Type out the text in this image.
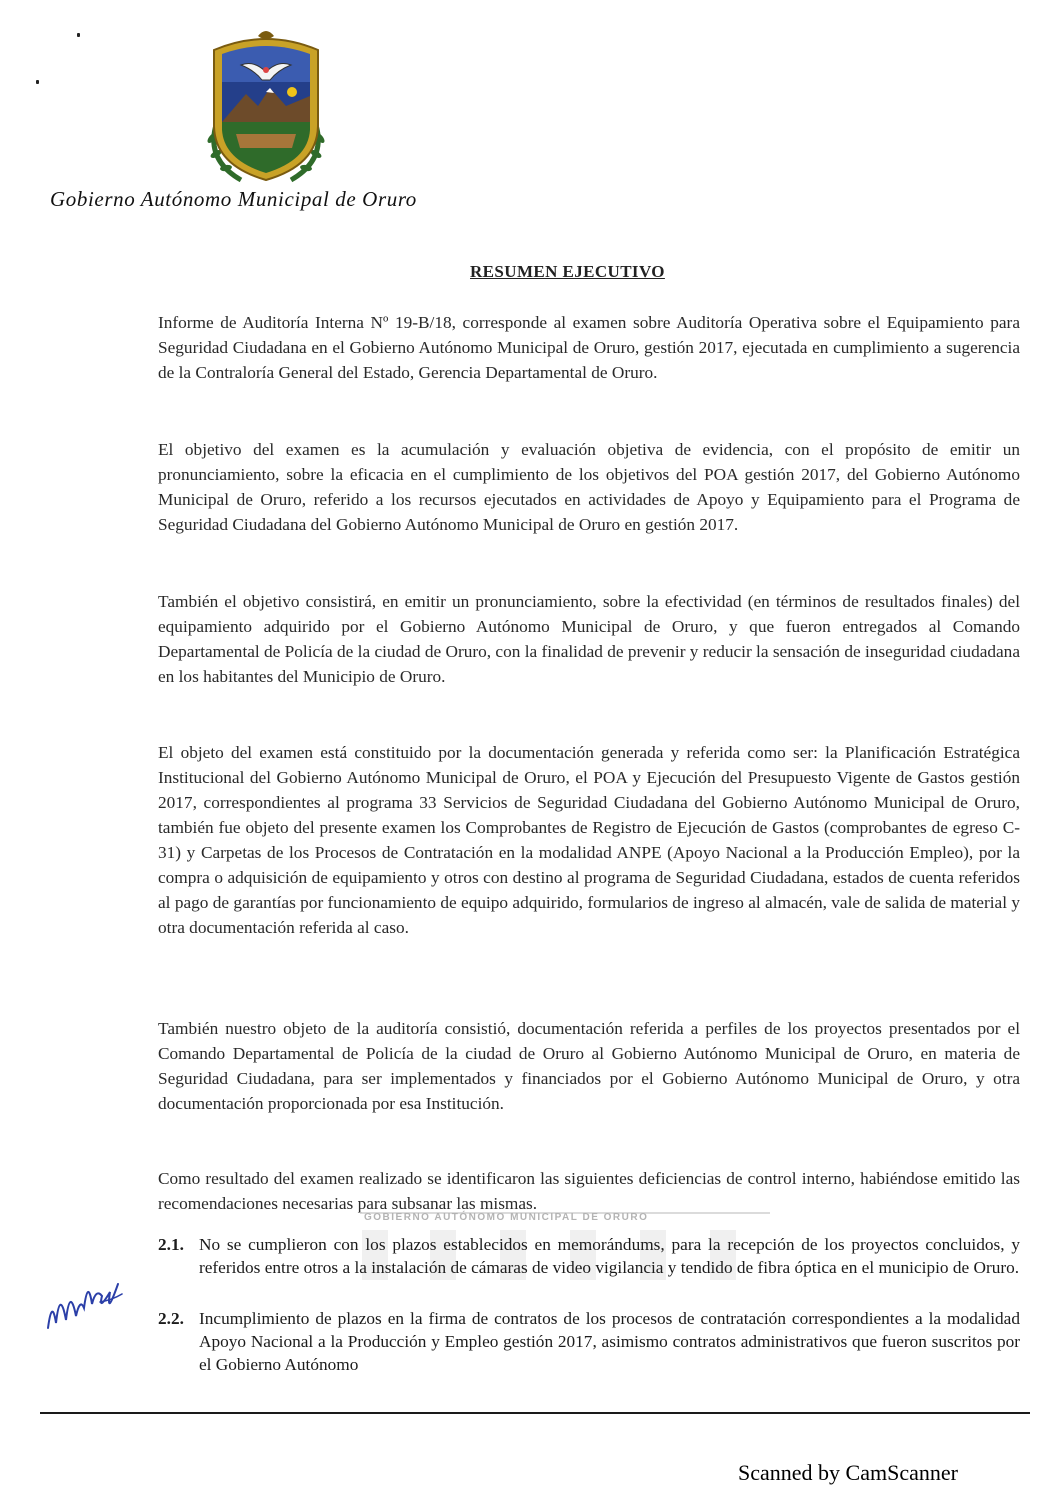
Gobierno Autónomo Municipal de Oruro
RESUMEN EJECUTIVO

Informe de Auditoría Interna Nº 19-B/18, corresponde al examen sobre Auditoría Operativa sobre el Equipamiento para Seguridad Ciudadana en el Gobierno Autónomo Municipal de Oruro, gestión 2017, ejecutada en cumplimiento a sugerencia de la Contraloría General del Estado, Gerencia Departamental de Oruro.

El objetivo del examen es la acumulación y evaluación objetiva de evidencia, con el propósito de emitir un pronunciamiento, sobre la eficacia en el cumplimiento de los objetivos del POA gestión 2017, del Gobierno Autónomo Municipal de Oruro, referido a los recursos ejecutados en actividades de Apoyo y Equipamiento para el Programa de Seguridad Ciudadana del Gobierno Autónomo Municipal de Oruro en gestión 2017.

También el objetivo consistirá, en emitir un pronunciamiento, sobre la efectividad (en términos de resultados finales) del equipamiento adquirido por el Gobierno Autónomo Municipal de Oruro, y que fueron entregados al Comando Departamental de Policía de la ciudad de Oruro, con la finalidad de prevenir y reducir la sensación de inseguridad ciudadana en los habitantes del Municipio de Oruro.

El objeto del examen está constituido por la documentación generada y referida como ser: la Planificación Estratégica Institucional del Gobierno Autónomo Municipal de Oruro, el POA y Ejecución del Presupuesto Vigente de Gastos gestión 2017, correspondientes al programa 33 Servicios de Seguridad Ciudadana del Gobierno Autónomo Municipal de Oruro, también fue objeto del presente examen los Comprobantes de Registro de Ejecución de Gastos (comprobantes de egreso C-31) y Carpetas de los Procesos de Contratación en la modalidad ANPE (Apoyo Nacional a la Producción Empleo), por la compra o adquisición de equipamiento y otros con destino al programa de Seguridad Ciudadana, estados de cuenta referidos al pago de garantías por funcionamiento de equipo adquirido, formularios de ingreso al almacén, vale de salida de material y otra documentación referida al caso.

También nuestro objeto de la auditoría consistió, documentación referida a perfiles de los proyectos presentados por el Comando Departamental de Policía de la ciudad de Oruro al Gobierno Autónomo Municipal de Oruro, en materia de Seguridad Ciudadana, para ser implementados y financiados por el Gobierno Autónomo Municipal de Oruro, y otra documentación proporcionada por esa Institución.

Como resultado del examen realizado se identificaron las siguientes deficiencias de control interno, habiéndose emitido las recomendaciones necesarias para subsanar las mismas.

GOBIERNO AUTÓNOMO MUNICIPAL DE ORURO
2.1. No se cumplieron con los plazos establecidos en memorándums, para la recepción de los proyectos concluidos, y referidos entre otros a la instalación de cámaras de video vigilancia y tendido de fibra óptica en el municipio de Oruro.
2.2. Incumplimiento de plazos en la firma de contratos de los procesos de contratación correspondientes a la modalidad Apoyo Nacional a la Producción y Empleo gestión 2017, asimismo contratos administrativos que fueron suscritos por el Gobierno Autónomo
Scanned by CamScanner
